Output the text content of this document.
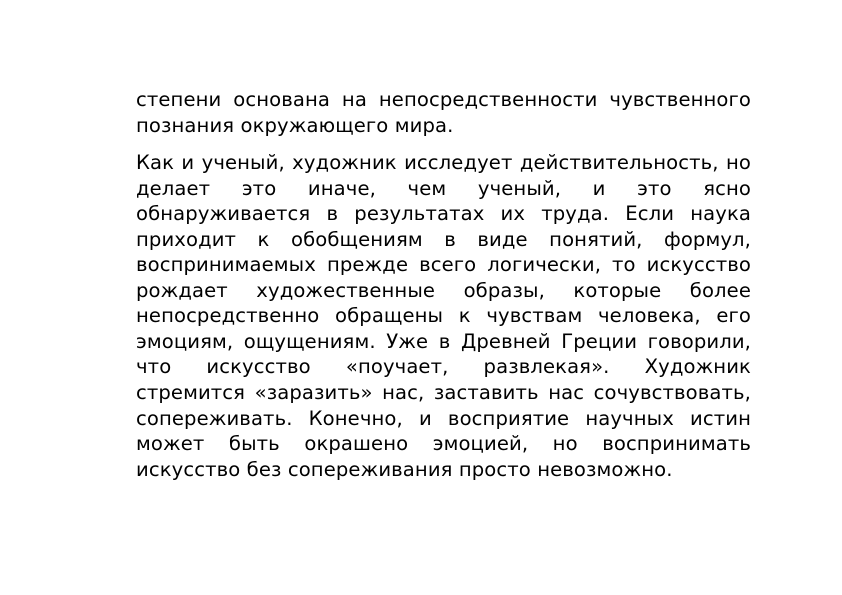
степени основана на непосредственности чувственного познания окружающего мира.

Как и ученый, художник исследует действительность, но делает это иначе, чем ученый, и это ясно обнаруживается в результатах их труда. Если наука приходит к обобщениям в виде понятий, формул, воспринимаемых прежде всего логически, то искусство рождает художественные образы, которые более непосредственно обращены к чувствам человека, его эмоциям, ощущениям. Уже в Древней Греции говорили, что искусство «поучает, развлекая». Художник стремится «заразить» нас, заставить нас сочувствовать, сопереживать. Конечно, и восприятие научных истин может быть окрашено эмоцией, но воспринимать искусство без сопереживания просто невозможно.
